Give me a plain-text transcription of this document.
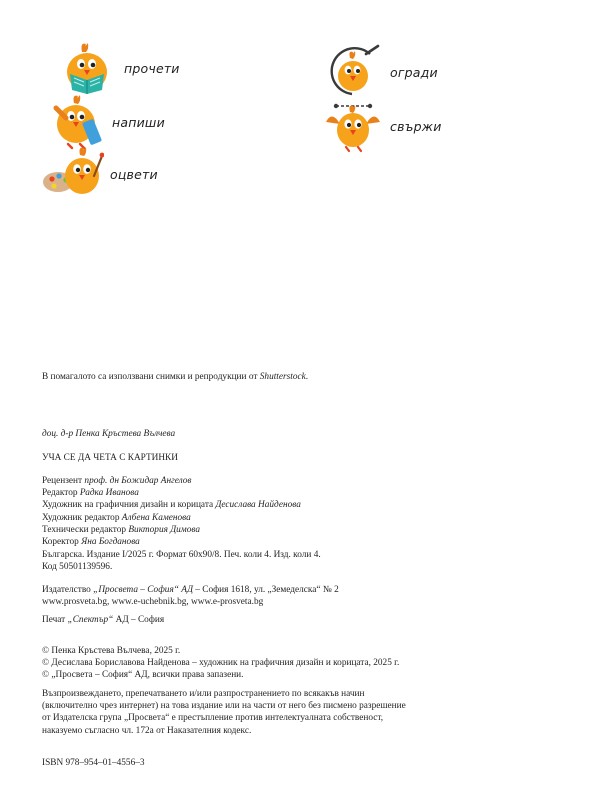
прочети
напиши
оцвети
огради
свържи

В помагалото са използвани снимки и репродукции от Shutterstock.

доц. д-р Пенка Кръстева Вълчева

УЧА СЕ ДА ЧЕТА С КАРТИНКИ

Рецензент проф. дн Божидар Ангелов

Редактор Радка Иванова

Художник на графичния дизайн и корицата Десислава Найденова

Художник редактор Албена Каменова

Технически редактор Виктория Димова

Коректор Яна Богданова

Българска. Издание I/2025 г. Формат 60х90/8. Печ. коли 4. Изд. коли 4.

Код 50501139596.

Издателство „Просвета – София“ АД – София 1618, ул. „Земеделска“ № 2

www.prosveta.bg, www.e-uchebnik.bg, www.e-prosveta.bg

Печат „Спектър“ АД – София

© Пенка Кръстева Вълчева, 2025 г.

© Десислава Бориславова Найденова – художник на графичния дизайн и корицата, 2025 г.

© „Просвета – София“ АД, всички права запазени.

Възпроизвеждането, препечатването и/или разпространението по всякакъв начин

(включително чрез интернет) на това издание или на части от него без писмено разрешение

от Издателска група „Просвета“ е престъпление против интелектуалната собственост,

наказуемо съгласно чл. 172а от Наказателния кодекс.

ISBN 978–954–01–4556–3
